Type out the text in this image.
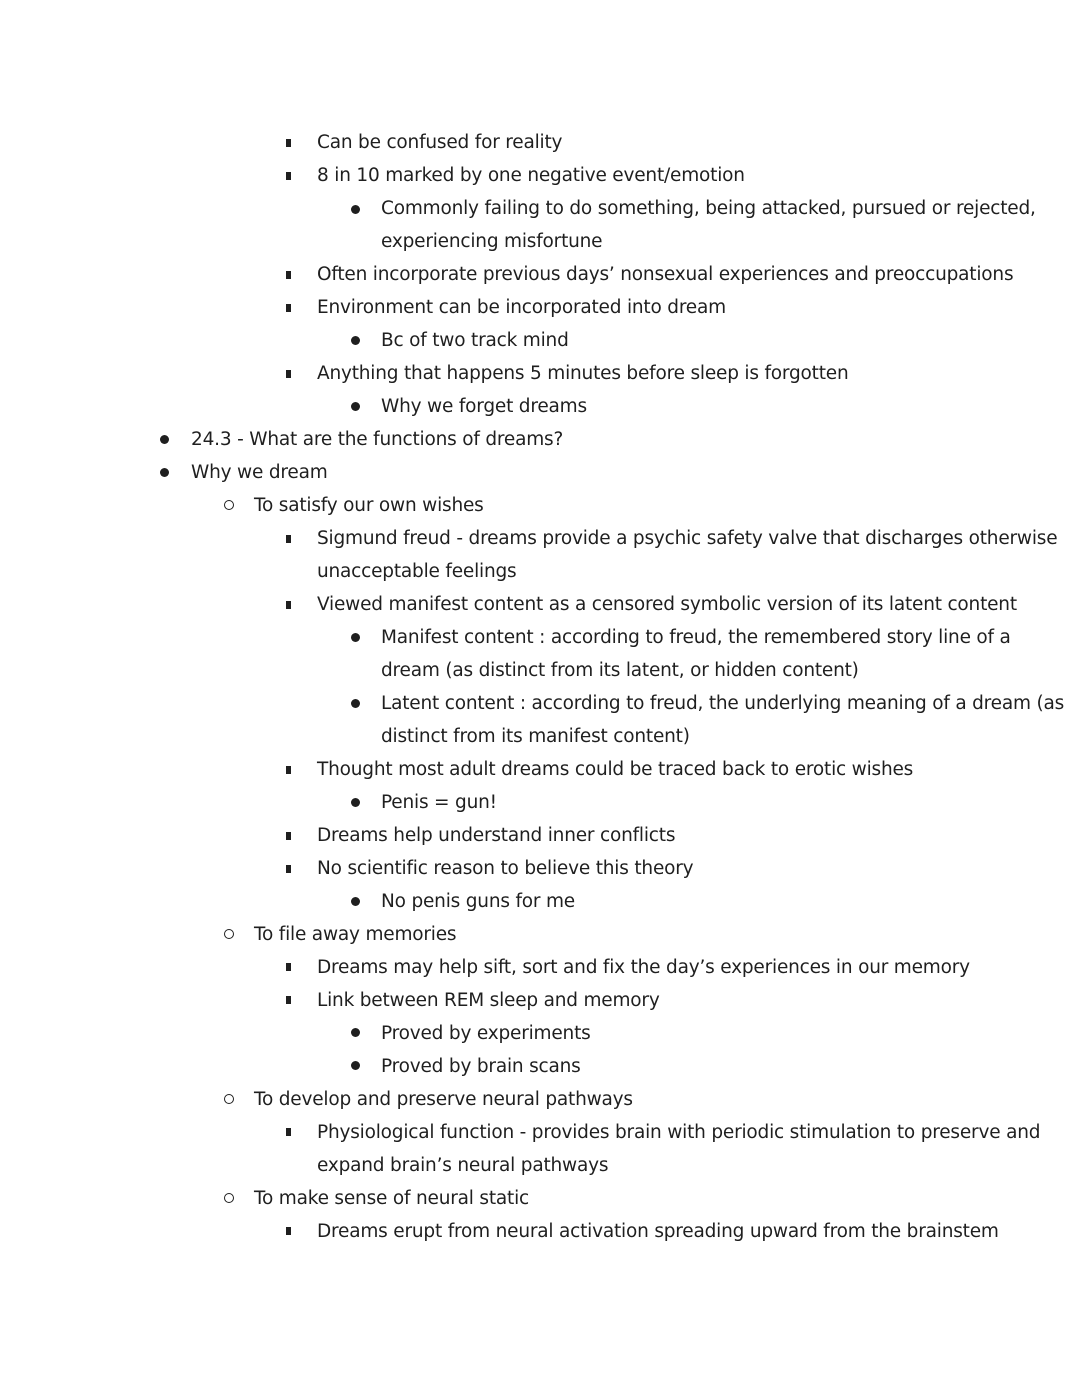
Can be confused for reality
8 in 10 marked by one negative event/emotion
Commonly failing to do something, being attacked, pursued or rejected,
experiencing misfortune
Often incorporate previous days’ nonsexual experiences and preoccupations
Environment can be incorporated into dream
Bc of two track mind
Anything that happens 5 minutes before sleep is forgotten
Why we forget dreams
24.3 - What are the functions of dreams?
Why we dream
To satisfy our own wishes
Sigmund freud - dreams provide a psychic safety valve that discharges otherwise
unacceptable feelings
Viewed manifest content as a censored symbolic version of its latent content
Manifest content : according to freud, the remembered story line of a
dream (as distinct from its latent, or hidden content)
Latent content : according to freud, the underlying meaning of a dream (as
distinct from its manifest content)
Thought most adult dreams could be traced back to erotic wishes
Penis = gun!
Dreams help understand inner conflicts
No scientific reason to believe this theory
No penis guns for me
To file away memories
Dreams may help sift, sort and fix the day’s experiences in our memory
Link between REM sleep and memory
Proved by experiments
Proved by brain scans
To develop and preserve neural pathways
Physiological function - provides brain with periodic stimulation to preserve and
expand brain’s neural pathways
To make sense of neural static
Dreams erupt from neural activation spreading upward from the brainstem
